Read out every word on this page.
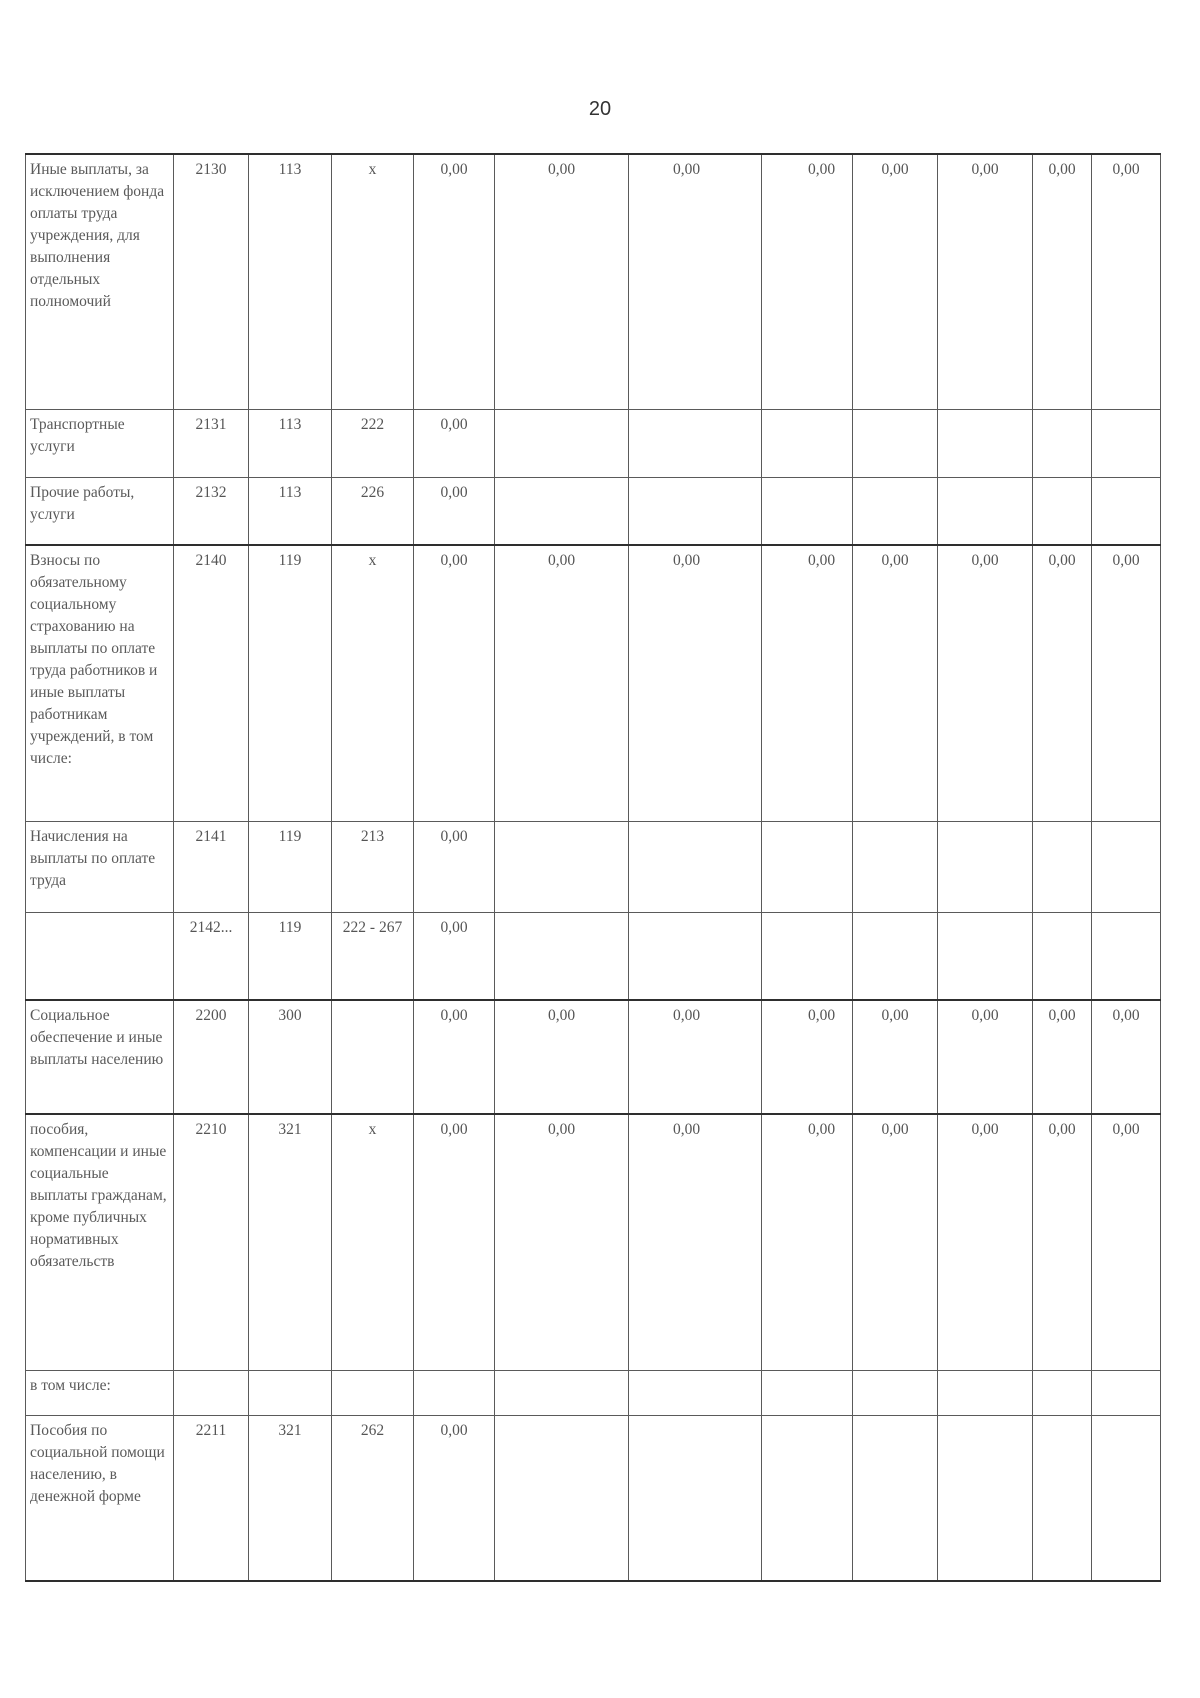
20
Иные выплаты, за исключением фонда оплаты труда учреждения, для выполнения отдельных полномочий	2130	113	х	0,00	0,00	0,00	0,00	0,00	0,00	0,00	0,00
Транспортные услуги	2131	113	222	0,00							
Прочие работы, услуги	2132	113	226	0,00							
Взносы по обязательному социальному страхованию на выплаты по оплате труда работников и иные выплаты работникам учреждений, в том числе:	2140	119	х	0,00	0,00	0,00	0,00	0,00	0,00	0,00	0,00
Начисления на выплаты по оплате труда	2141	119	213	0,00							
	2142...	119	222 - 267	0,00							
Социальное обеспечение и иные выплаты населению	2200	300		0,00	0,00	0,00	0,00	0,00	0,00	0,00	0,00
пособия, компенсации и иные социальные выплаты гражданам, кроме публичных нормативных обязательств	2210	321	х	0,00	0,00	0,00	0,00	0,00	0,00	0,00	0,00
в том числе:											
Пособия по социальной помощи населению, в денежной форме	2211	321	262	0,00							
